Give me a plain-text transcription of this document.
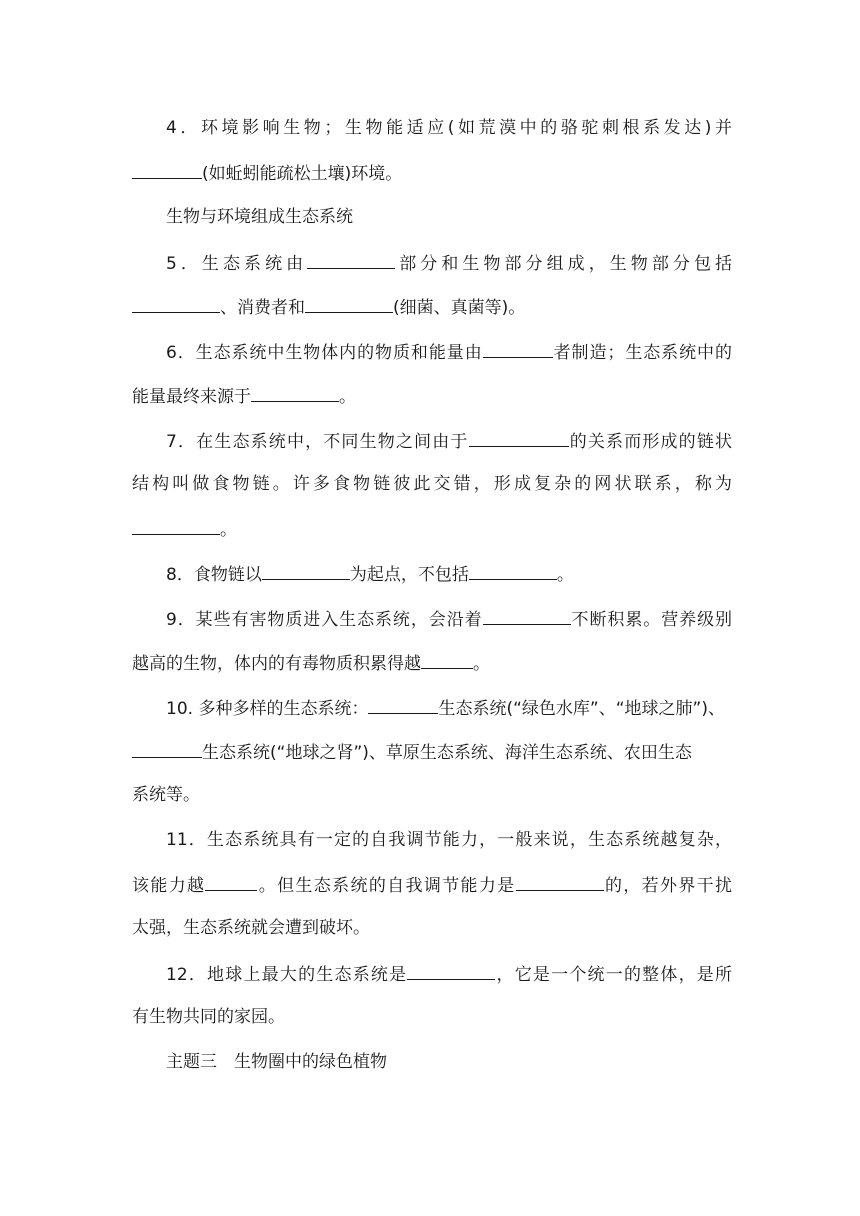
4．环境影响生物；生物能适应(如荒漠中的骆驼刺根系发达)并
(如蚯蚓能疏松土壤)环境。
生物与环境组成生态系统
5．生态系统由	部分和生物部分组成，生物部分包括
、消费者和	(细菌、真菌等)。
6．生态系统中生物体内的物质和能量由	者制造；生态系统中的
能量最终来源于	。
7．在生态系统中，不同生物之间由于	的关系而形成的链状
结构叫做食物链。许多食物链彼此交错，形成复杂的网状联系，称为
。
8．食物链以	为起点，不包括	。
9．某些有害物质进入生态系统，会沿着	不断积累。营养级别
越高的生物，体内的有毒物质积累得越	。
10. 多种多样的生态系统：	生态系统(“绿色水库”、“地球之肺”)、
生态系统(“地球之肾”)、草原生态系统、海洋生态系统、农田生态
系统等。
11．生态系统具有一定的自我调节能力，一般来说，生态系统越复杂，
该能力越	。但生态系统的自我调节能力是	的，若外界干扰
太强，生态系统就会遭到破坏。
12．地球上最大的生态系统是	，它是一个统一的整体，是所
有生物共同的家园。
主题三　生物圈中的绿色植物
